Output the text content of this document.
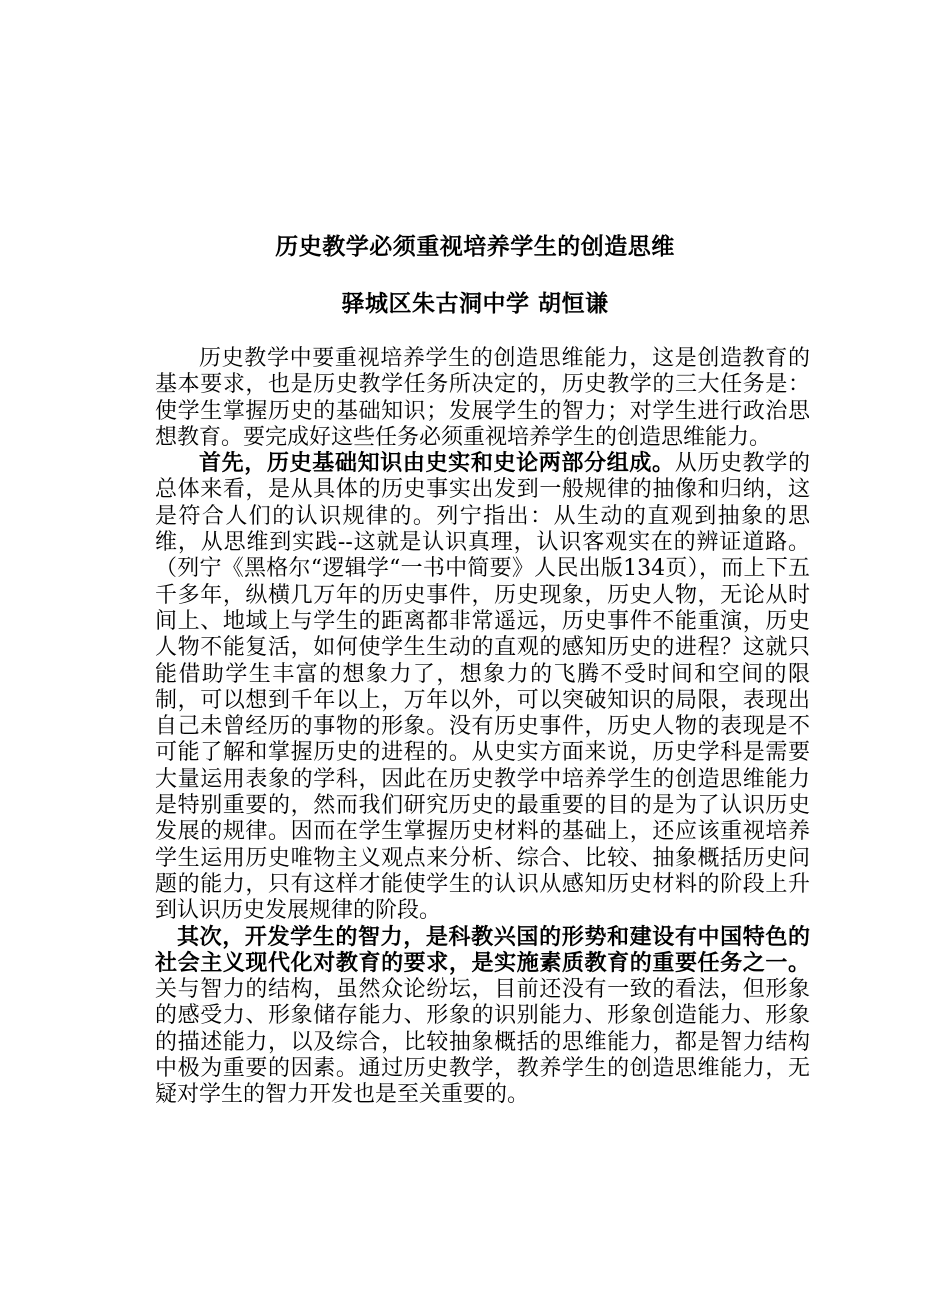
历史教学必须重视培养学生的创造思维
驿城区朱古洞中学 胡恒谦

历史教学中要重视培养学生的创造思维能力，这是创造教育的基本要求，也是历史教学任务所决定的，历史教学的三大任务是：使学生掌握历史的基础知识；发展学生的智力；对学生进行政治思想教育。要完成好这些任务必须重视培养学生的创造思维能力。

首先，历史基础知识由史实和史论两部分组成。从历史教学的总体来看，是从具体的历史事实出发到一般规律的抽像和归纳，这是符合人们的认识规律的。列宁指出：从生动的直观到抽象的思维，从思维到实践--这就是认识真理，认识客观实在的辨证道路。（列宁《黑格尔“逻辑学“一书中简要》人民出版134页），而上下五千多年，纵横几万年的历史事件，历史现象，历史人物，无论从时间上、地域上与学生的距离都非常遥远，历史事件不能重演，历史人物不能复活，如何使学生生动的直观的感知历史的进程？这就只能借助学生丰富的想象力了，想象力的飞腾不受时间和空间的限制，可以想到千年以上，万年以外，可以突破知识的局限，表现出自己未曾经历的事物的形象。没有历史事件，历史人物的表现是不可能了解和掌握历史的进程的。从史实方面来说，历史学科是需要大量运用表象的学科，因此在历史教学中培养学生的创造思维能力是特别重要的，然而我们研究历史的最重要的目的是为了认识历史发展的规律。因而在学生掌握历史材料的基础上，还应该重视培养学生运用历史唯物主义观点来分析、综合、比较、抽象概括历史问题的能力，只有这样才能使学生的认识从感知历史材料的阶段上升到认识历史发展规律的阶段。

其次，开发学生的智力，是科教兴国的形势和建设有中国特色的社会主义现代化对教育的要求，是实施素质教育的重要任务之一。关与智力的结构，虽然众论纷坛，目前还没有一致的看法，但形象的感受力、形象储存能力、形象的识别能力、形象创造能力、形象的描述能力，以及综合，比较抽象概括的思维能力，都是智力结构中极为重要的因素。通过历史教学，教养学生的创造思维能力，无疑对学生的智力开发也是至关重要的。
